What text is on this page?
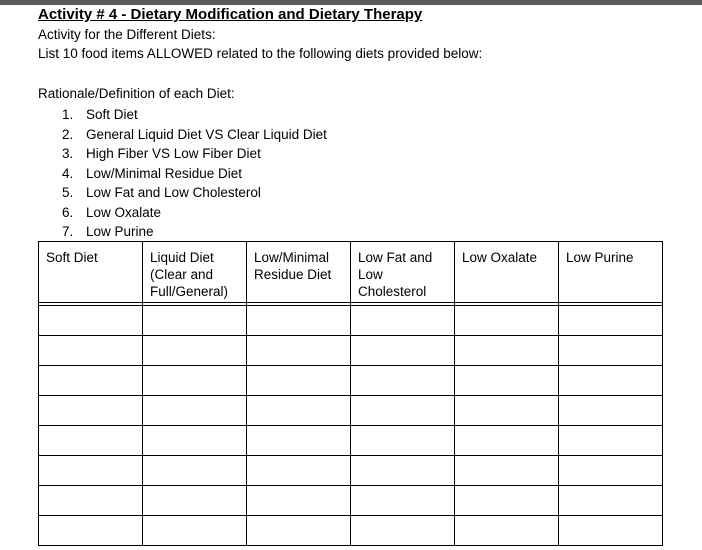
Activity # 4 - Dietary Modification and Dietary Therapy
Activity for the Different Diets:
List 10 food items ALLOWED related to the following diets provided below:
Rationale/Definition of each Diet:
1. Soft Diet
2. General Liquid Diet VS Clear Liquid Diet
3. High Fiber VS Low Fiber Diet
4. Low/Minimal Residue Diet
5. Low Fat and Low Cholesterol
6. Low Oxalate
7. Low Purine
Soft Diet	Liquid Diet (Clear and Full/General)	Low/Minimal Residue Diet	Low Fat and Low Cholesterol	Low Oxalate	Low Purine
